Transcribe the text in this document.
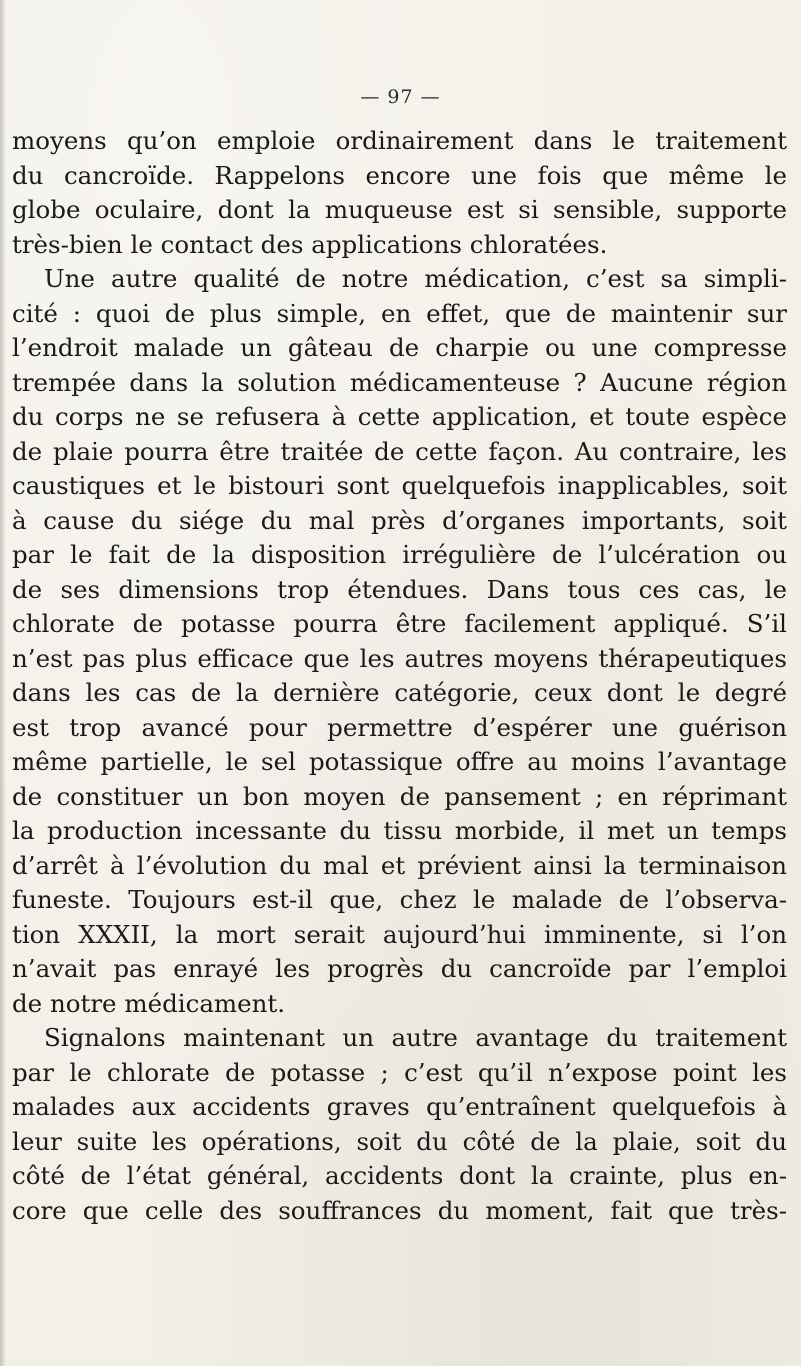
— 97 —
moyens qu’on emploie ordinairement dans le traitement
du cancroïde. Rappelons encore une fois que même le
globe oculaire, dont la muqueuse est si sensible, supporte
très-bien le contact des applications chloratées.
Une autre qualité de notre médication, c’est sa simpli-
cité : quoi de plus simple, en effet, que de maintenir sur
l’endroit malade un gâteau de charpie ou une compresse
trempée dans la solution médicamenteuse ? Aucune région
du corps ne se refusera à cette application, et toute espèce
de plaie pourra être traitée de cette façon. Au contraire, les
caustiques et le bistouri sont quelquefois inapplicables, soit
à cause du siége du mal près d’organes importants, soit
par le fait de la disposition irrégulière de l’ulcération ou
de ses dimensions trop étendues. Dans tous ces cas, le
chlorate de potasse pourra être facilement appliqué. S’il
n’est pas plus efficace que les autres moyens thérapeutiques
dans les cas de la dernière catégorie, ceux dont le degré
est trop avancé pour permettre d’espérer une guérison
même partielle, le sel potassique offre au moins l’avantage
de constituer un bon moyen de pansement ; en réprimant
la production incessante du tissu morbide, il met un temps
d’arrêt à l’évolution du mal et prévient ainsi la terminaison
funeste. Toujours est-il que, chez le malade de l’observa-
tion XXXII, la mort serait aujourd’hui imminente, si l’on
n’avait pas enrayé les progrès du cancroïde par l’emploi
de notre médicament.
Signalons maintenant un autre avantage du traitement
par le chlorate de potasse ; c’est qu’il n’expose point les
malades aux accidents graves qu’entraînent quelquefois à
leur suite les opérations, soit du côté de la plaie, soit du
côté de l’état général, accidents dont la crainte, plus en-
core que celle des souffrances du moment, fait que très-
